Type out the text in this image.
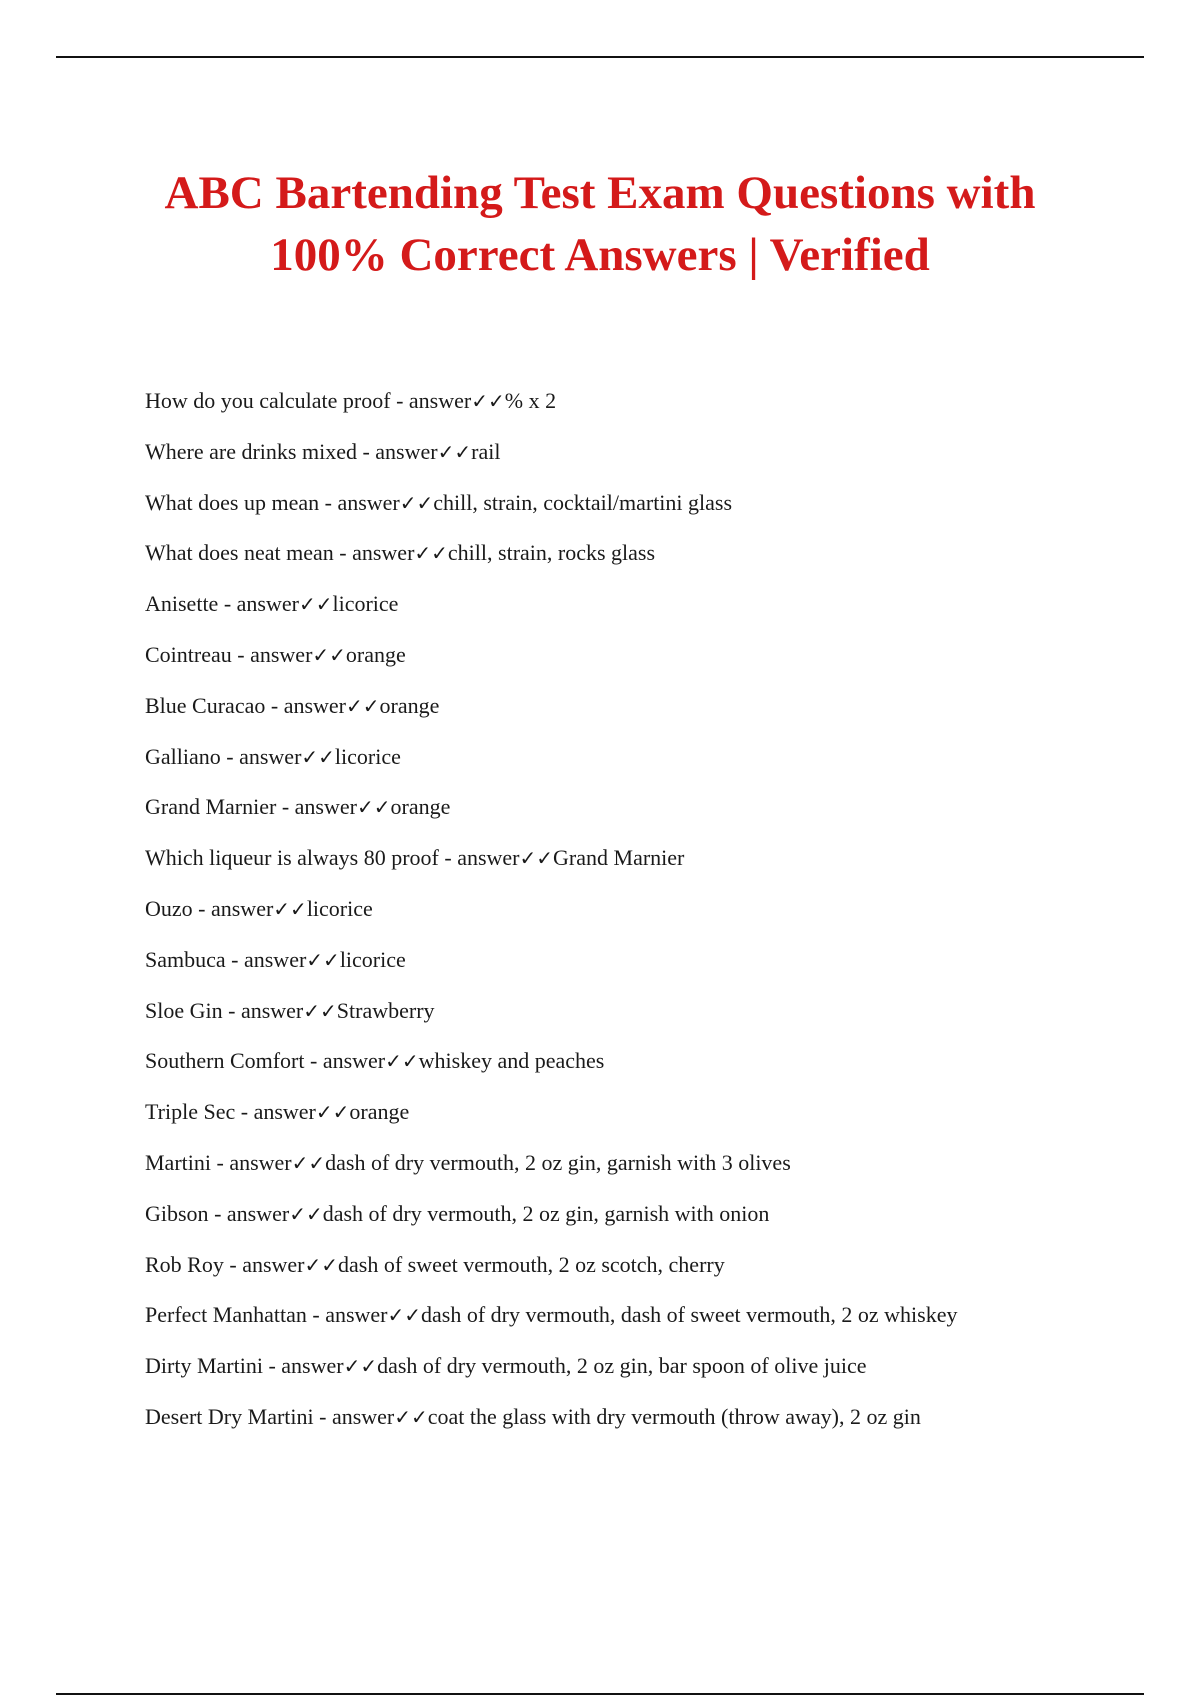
ABC Bartending Test Exam Questions with
100% Correct Answers | Verified
How do you calculate proof - answer✓✓% x 2
Where are drinks mixed - answer✓✓rail
What does up mean - answer✓✓chill, strain, cocktail/martini glass
What does neat mean - answer✓✓chill, strain, rocks glass
Anisette - answer✓✓licorice
Cointreau - answer✓✓orange
Blue Curacao - answer✓✓orange
Galliano - answer✓✓licorice
Grand Marnier - answer✓✓orange
Which liqueur is always 80 proof - answer✓✓Grand Marnier
Ouzo - answer✓✓licorice
Sambuca - answer✓✓licorice
Sloe Gin - answer✓✓Strawberry
Southern Comfort - answer✓✓whiskey and peaches
Triple Sec - answer✓✓orange
Martini - answer✓✓dash of dry vermouth, 2 oz gin, garnish with 3 olives
Gibson - answer✓✓dash of dry vermouth, 2 oz gin, garnish with onion
Rob Roy - answer✓✓dash of sweet vermouth, 2 oz scotch, cherry
Perfect Manhattan - answer✓✓dash of dry vermouth, dash of sweet vermouth, 2 oz whiskey
Dirty Martini - answer✓✓dash of dry vermouth, 2 oz gin, bar spoon of olive juice
Desert Dry Martini - answer✓✓coat the glass with dry vermouth (throw away), 2 oz gin
